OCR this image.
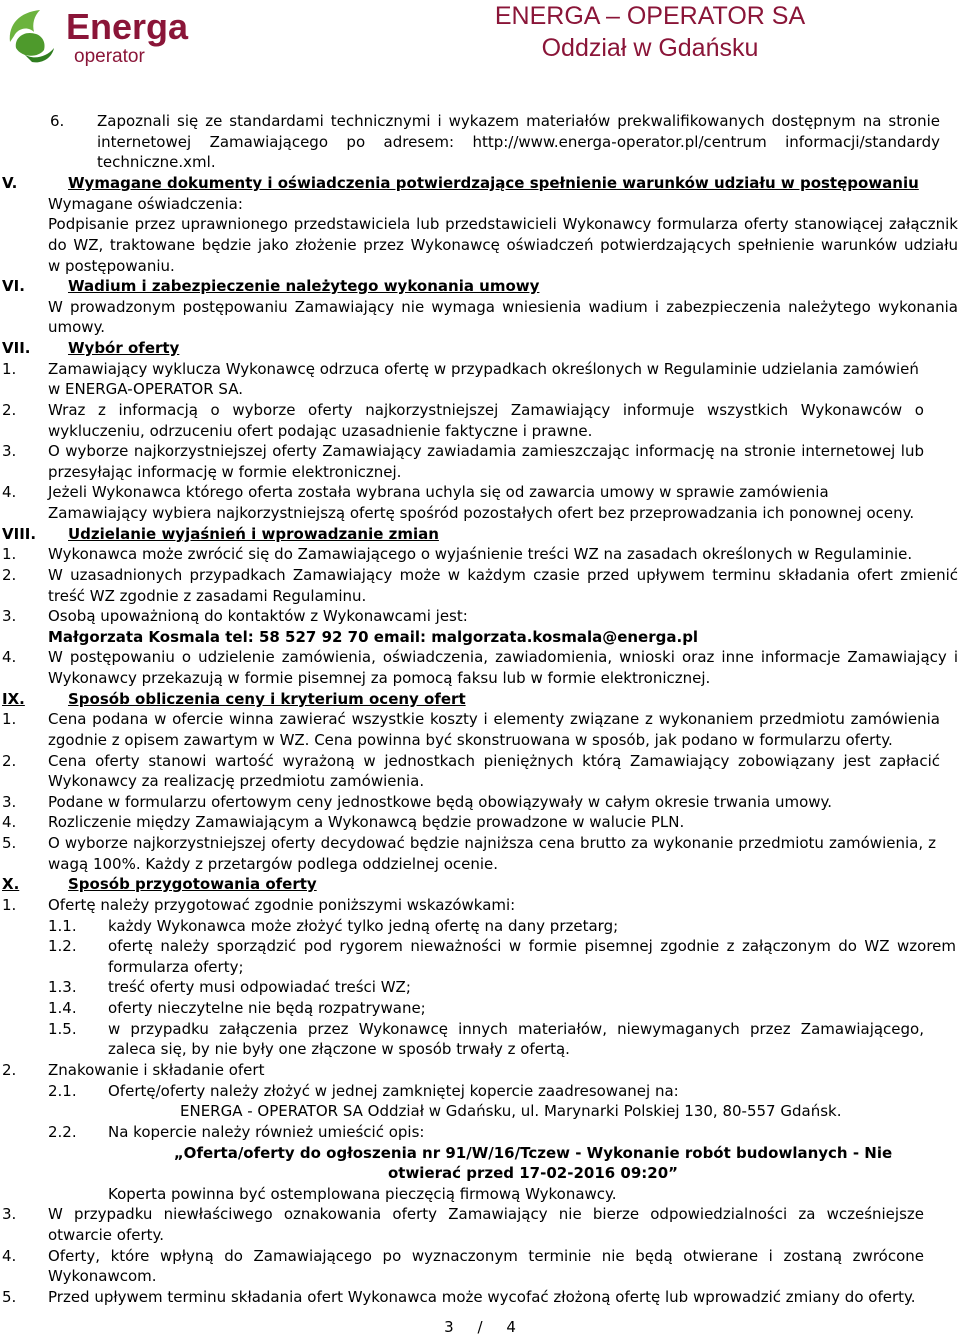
Energa
operator
ENERGA – OPERATOR SA
Oddział w Gdańsku
6. Zapoznali się ze standardami technicznymi i wykazem materiałów prekwalifikowanych dostępnym na stronie
internetowej Zamawiającego po adresem: http://www.energa-operator.pl/centrum informacji/standardy
techniczne.xml.
V.	Wymagane dokumenty i oświadczenia potwierdzające spełnienie warunków udziału w postępowaniu
Wymagane oświadczenia:
Podpisanie przez uprawnionego przedstawiciela lub przedstawicieli Wykonawcy formularza oferty stanowiącej załącznik
do WZ, traktowane będzie jako złożenie przez Wykonawcę oświadczeń potwierdzających spełnienie warunków udziału
w postępowaniu.
VI.	Wadium i zabezpieczenie należytego wykonania umowy
W prowadzonym postępowaniu Zamawiający nie wymaga wniesienia wadium i zabezpieczenia należytego wykonania
umowy.
VII.	Wybór oferty
1. Zamawiający wyklucza Wykonawcę odrzuca ofertę w przypadkach określonych w Regulaminie udzielania zamówień
w ENERGA-OPERATOR SA.
2. Wraz z informacją o wyborze oferty najkorzystniejszej Zamawiający informuje wszystkich Wykonawców o
wykluczeniu, odrzuceniu ofert podając uzasadnienie faktyczne i prawne.
3. O wyborze najkorzystniejszej oferty Zamawiający zawiadamia zamieszczając informację na stronie internetowej lub
przesyłając informację w formie elektronicznej.
4. Jeżeli Wykonawca którego oferta została wybrana uchyla się od zawarcia umowy w sprawie zamówienia
Zamawiający wybiera najkorzystniejszą ofertę spośród pozostałych ofert bez przeprowadzania ich ponownej oceny.
VIII. Udzielanie wyjaśnień i wprowadzanie zmian
1. Wykonawca może zwrócić się do Zamawiającego o wyjaśnienie treści WZ na zasadach określonych w Regulaminie.
2. W uzasadnionych przypadkach Zamawiający może w każdym czasie przed upływem terminu składania ofert zmienić
treść WZ zgodnie z zasadami Regulaminu.
3. Osobą upoważnioną do kontaktów z Wykonawcami jest:
Małgorzata Kosmala tel: 58 527 92 70 email: malgorzata.kosmala@energa.pl
4. W postępowaniu o udzielenie zamówienia, oświadczenia, zawiadomienia, wnioski oraz inne informacje Zamawiający i
Wykonawcy przekazują w formie pisemnej za pomocą faksu lub w formie elektronicznej.
IX.	Sposób obliczenia ceny i kryterium oceny ofert
1. Cena podana w ofercie winna zawierać wszystkie koszty i elementy związane z wykonaniem przedmiotu zamówienia
zgodnie z opisem zawartym w WZ. Cena powinna być skonstruowana w sposób, jak podano w formularzu oferty.
2. Cena oferty stanowi wartość wyrażoną w jednostkach pieniężnych którą Zamawiający zobowiązany jest zapłacić
Wykonawcy za realizację przedmiotu zamówienia.
3. Podane w formularzu ofertowym ceny jednostkowe będą obowiązywały w całym okresie trwania umowy.
4. Rozliczenie między Zamawiającym a Wykonawcą będzie prowadzone w walucie PLN.
5. O wyborze najkorzystniejszej oferty decydować będzie najniższa cena brutto za wykonanie przedmiotu zamówienia, z
wagą 100%. Każdy z przetargów podlega oddzielnej ocenie.
X.	Sposób przygotowania oferty
1. Ofertę należy przygotować zgodnie poniższymi wskazówkami:
1.1. każdy Wykonawca może złożyć tylko jedną ofertę na dany przetarg;
1.2. ofertę należy sporządzić pod rygorem nieważności w formie pisemnej zgodnie z załączonym do WZ wzorem
formularza oferty;
1.3. treść oferty musi odpowiadać treści WZ;
1.4. oferty nieczytelne nie będą rozpatrywane;
1.5. w przypadku załączenia przez Wykonawcę innych materiałów, niewymaganych przez Zamawiającego,
zaleca się, by nie były one złączone w sposób trwały z ofertą.
2. Znakowanie i składanie ofert
2.1. Ofertę/oferty należy złożyć w jednej zamkniętej kopercie zaadresowanej na:
ENERGA - OPERATOR SA Oddział w Gdańsku, ul. Marynarki Polskiej 130, 80-557 Gdańsk.
2.2. Na kopercie należy również umieścić opis:
„Oferta/oferty do ogłoszenia nr 91/W/16/Tczew - Wykonanie robót budowlanych - Nie
otwierać przed 17-02-2016 09:20”
Koperta powinna być ostemplowana pieczęcią firmową Wykonawcy.
3. W przypadku niewłaściwego oznakowania oferty Zamawiający nie bierze odpowiedzialności za wcześniejsze
otwarcie oferty.
4. Oferty, które wpłyną do Zamawiającego po wyznaczonym terminie nie będą otwierane i zostaną zwrócone
Wykonawcom.
5. Przed upływem terminu składania ofert Wykonawca może wycofać złożoną ofertę lub wprowadzić zmiany do oferty.
3 / 4
